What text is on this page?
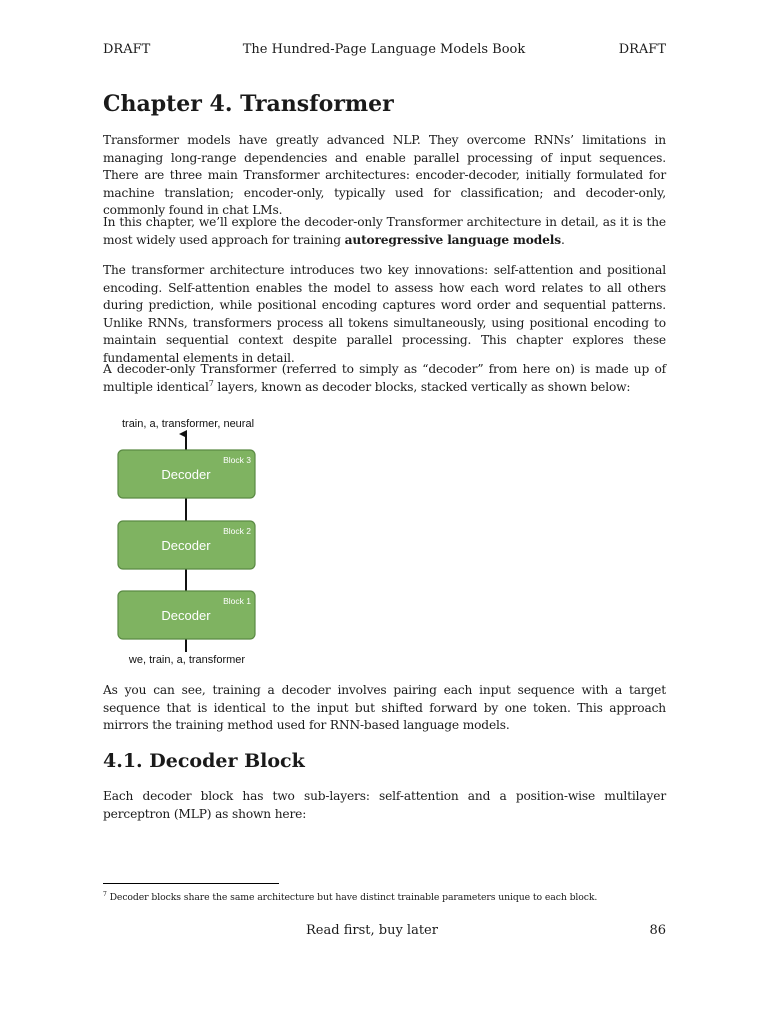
DRAFT	The Hundred-Page Language Models Book	DRAFT
Chapter 4. Transformer

Transformer models have greatly advanced NLP. They overcome RNNs’ limitations in managing long-range dependencies and enable parallel processing of input sequences. There are three main Transformer architectures: encoder-decoder, initially formulated for machine translation; encoder-only, typically used for classification; and decoder-only, commonly found in chat LMs.

In this chapter, we’ll explore the decoder-only Transformer architecture in detail, as it is the most widely used approach for training autoregressive language models.

The transformer architecture introduces two key innovations: self-attention and positional encoding. Self-attention enables the model to assess how each word relates to all others during prediction, while positional encoding captures word order and sequential patterns. Unlike RNNs, transformers process all tokens simultaneously, using positional encoding to maintain sequential context despite parallel processing. This chapter explores these fundamental elements in detail.

A decoder-only Transformer (referred to simply as “decoder” from here on) is made up of multiple identical$^7$ layers, known as decoder blocks, stacked vertically as shown below:

train, a, transformer, neural
Block 3
Decoder
Block 2
Decoder
Block 1
Decoder
we, train, a, transformer

As you can see, training a decoder involves pairing each input sequence with a target sequence that is identical to the input but shifted forward by one token. This approach mirrors the training method used for RNN-based language models.

4.1. Decoder Block

Each decoder block has two sub-layers: self-attention and a position-wise multilayer perceptron (MLP) as shown here:

$^7$ Decoder blocks share the same architecture but have distinct trainable parameters unique to each block.
Read first, buy later	86
